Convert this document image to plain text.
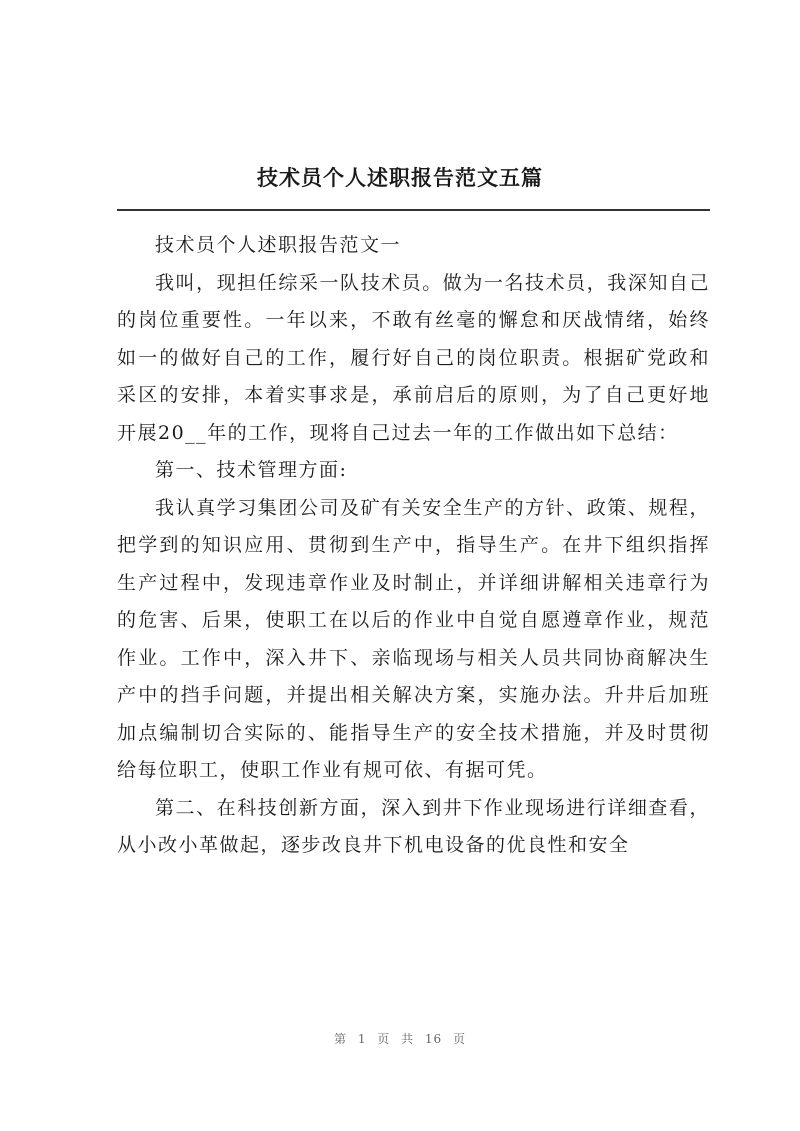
技术员个人述职报告范文五篇

技术员个人述职报告范文一

我叫，现担任综采一队技术员。做为一名技术员，我深知自己的岗位重要性。一年以来，不敢有丝毫的懈怠和厌战情绪，始终如一的做好自己的工作，履行好自己的岗位职责。根据矿党政和采区的安排，本着实事求是，承前启后的原则，为了自己更好地开展20__年的工作，现将自己过去一年的工作做出如下总结：

第一、技术管理方面:

我认真学习集团公司及矿有关安全生产的方针、政策、规程，把学到的知识应用、贯彻到生产中，指导生产。在井下组织指挥生产过程中，发现违章作业及时制止，并详细讲解相关违章行为的危害、后果，使职工在以后的作业中自觉自愿遵章作业，规范作业。工作中，深入井下、亲临现场与相关人员共同协商解决生产中的挡手问题，并提出相关解决方案，实施办法。升井后加班加点编制切合实际的、能指导生产的安全技术措施，并及时贯彻给每位职工，使职工作业有规可依、有据可凭。

第二、在科技创新方面，深入到井下作业现场进行详细查看，从小改小革做起，逐步改良井下机电设备的优良性和安全

第 1 页 共 16 页
